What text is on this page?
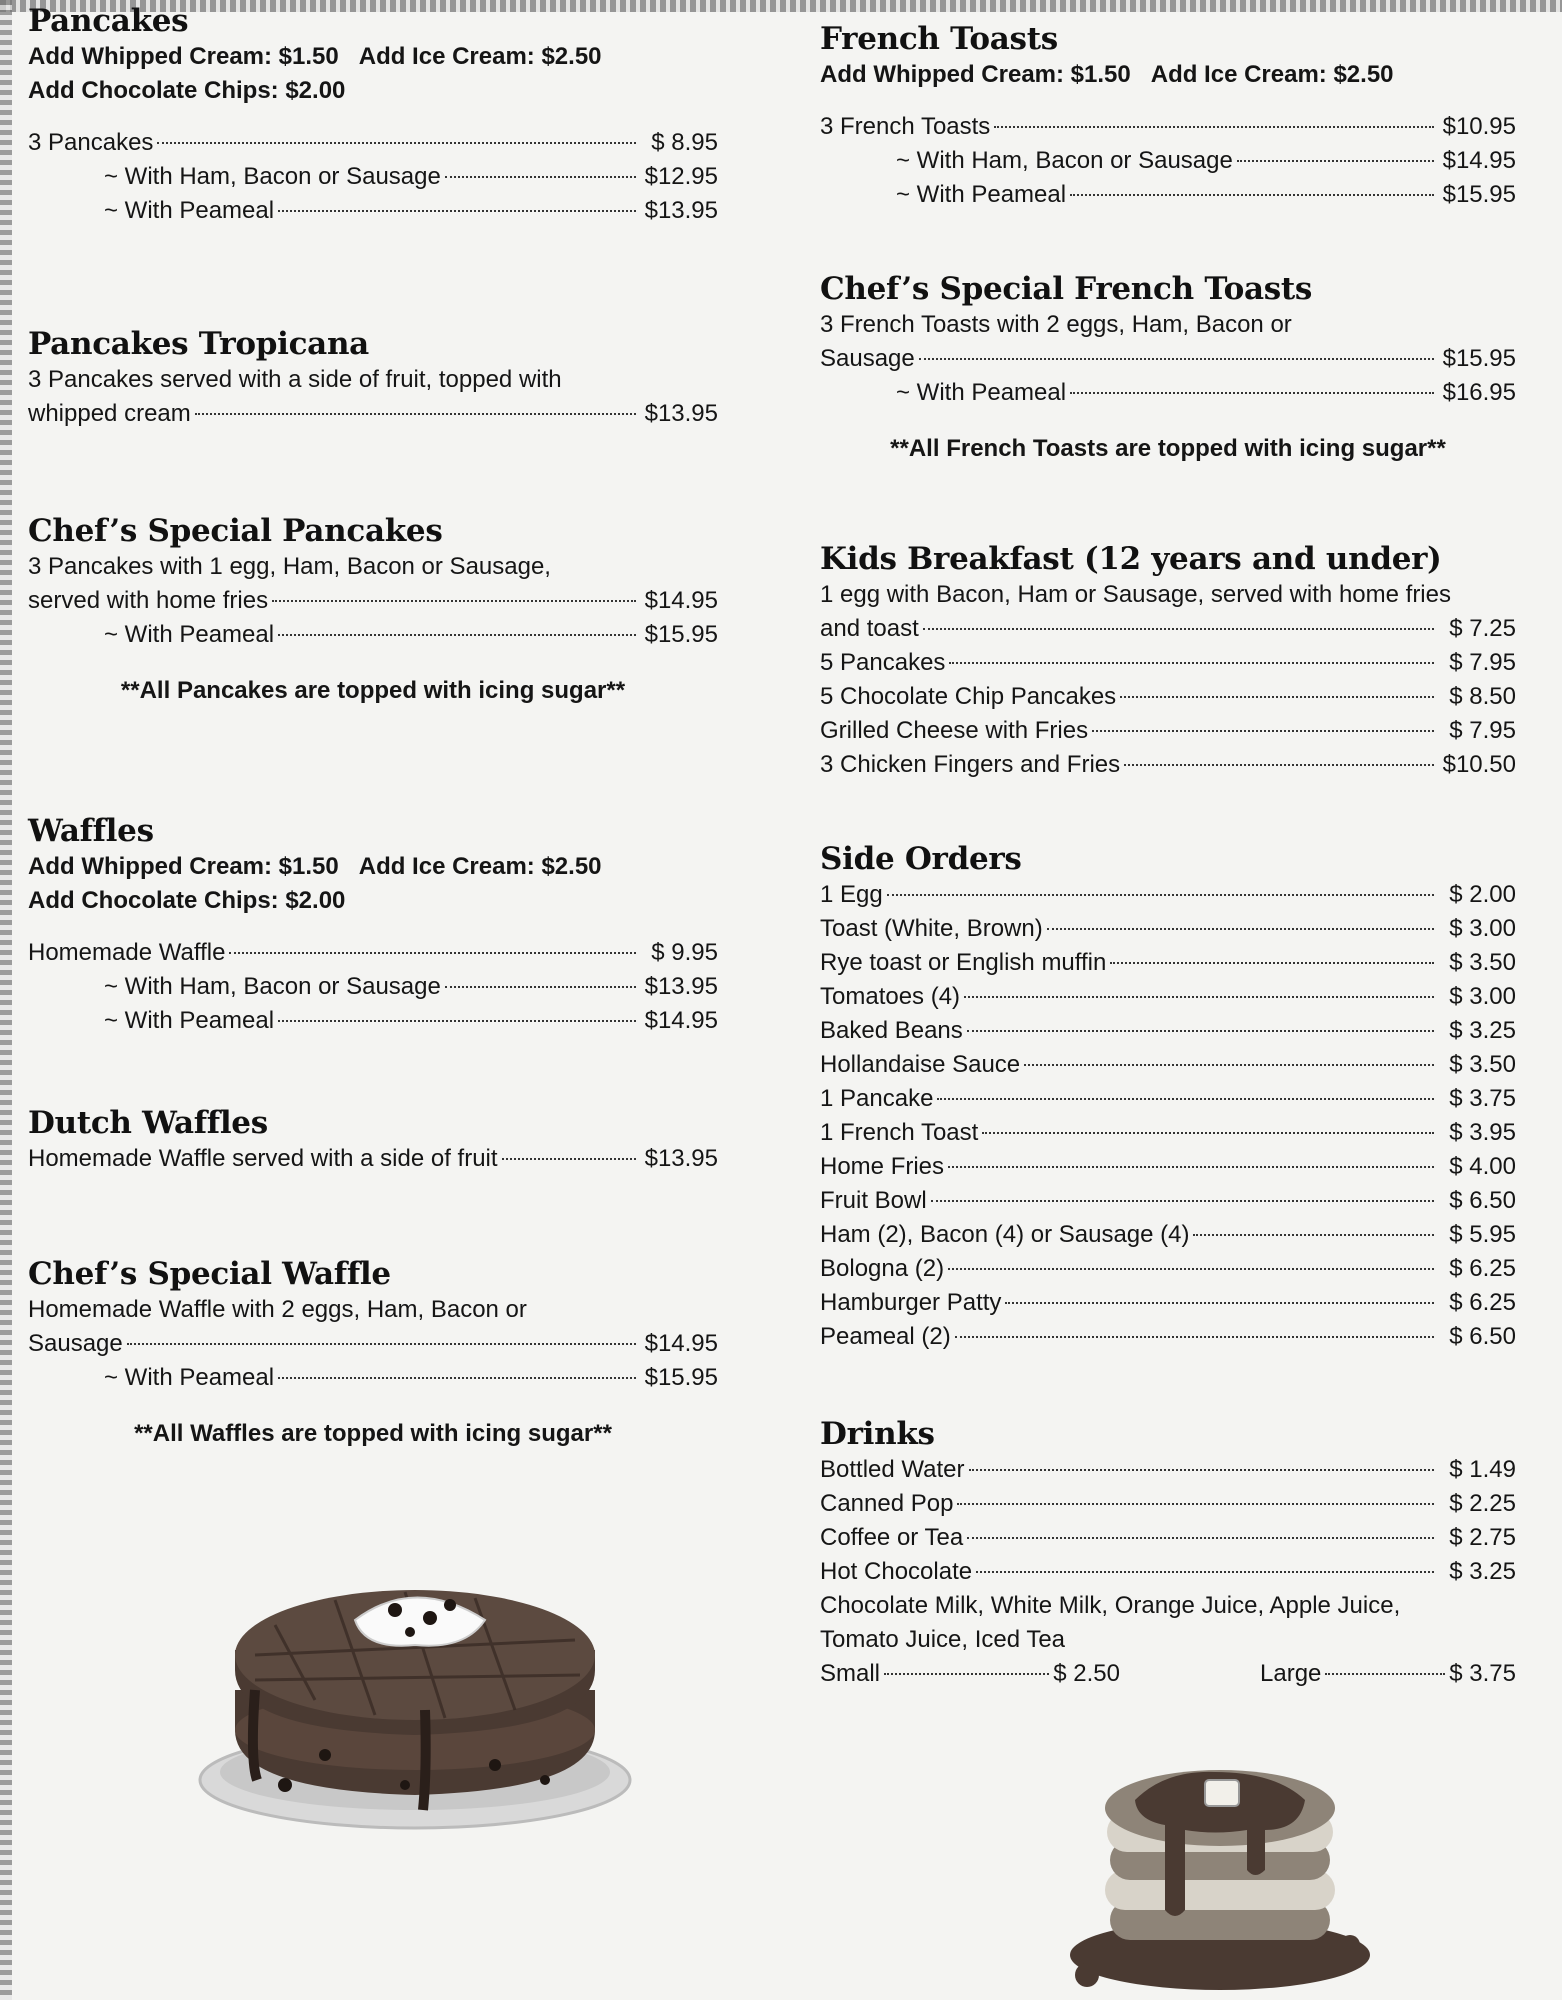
Pancakes
Add Whipped Cream: $1.50 Add Ice Cream: $2.50
Add Chocolate Chips: $2.00
3 Pancakes	$ 8.95
~ With Ham, Bacon or Sausage	$12.95
~ With Peameal	$13.95
Pancakes Tropicana
3 Pancakes served with a side of fruit, topped with
whipped cream	$13.95
Chef’s Special Pancakes
3 Pancakes with 1 egg, Ham, Bacon or Sausage,
served with home fries	$14.95
~ With Peameal	$15.95
**All Pancakes are topped with icing sugar**
Waffles
Add Whipped Cream: $1.50 Add Ice Cream: $2.50
Add Chocolate Chips: $2.00
Homemade Waffle	$ 9.95
~ With Ham, Bacon or Sausage	$13.95
~ With Peameal	$14.95
Dutch Waffles
Homemade Waffle served with a side of fruit	$13.95
Chef’s Special Waffle
Homemade Waffle with 2 eggs, Ham, Bacon or
Sausage	$14.95
~ With Peameal	$15.95
**All Waffles are topped with icing sugar**
French Toasts
Add Whipped Cream: $1.50 Add Ice Cream: $2.50
3 French Toasts	$10.95
~ With Ham, Bacon or Sausage	$14.95
~ With Peameal	$15.95
Chef’s Special French Toasts
3 French Toasts with 2 eggs, Ham, Bacon or
Sausage	$15.95
~ With Peameal	$16.95
**All French Toasts are topped with icing sugar**
Kids Breakfast (12 years and under)
1 egg with Bacon, Ham or Sausage, served with home fries
and toast	$ 7.25
5 Pancakes	$ 7.95
5 Chocolate Chip Pancakes	$ 8.50
Grilled Cheese with Fries	$ 7.95
3 Chicken Fingers and Fries	$10.50
Side Orders
1 Egg	$ 2.00
Toast (White, Brown)	$ 3.00
Rye toast or English muffin	$ 3.50
Tomatoes (4)	$ 3.00
Baked Beans	$ 3.25
Hollandaise Sauce	$ 3.50
1 Pancake	$ 3.75
1 French Toast	$ 3.95
Home Fries	$ 4.00
Fruit Bowl	$ 6.50
Ham (2), Bacon (4) or Sausage (4)	$ 5.95
Bologna (2)	$ 6.25
Hamburger Patty	$ 6.25
Peameal (2)	$ 6.50
Drinks
Bottled Water	$ 1.49
Canned Pop	$ 2.25
Coffee or Tea	$ 2.75
Hot Chocolate	$ 3.25
Chocolate Milk, White Milk, Orange Juice, Apple Juice,
Tomato Juice, Iced Tea
Small	$ 2.50	Large	$ 3.75
